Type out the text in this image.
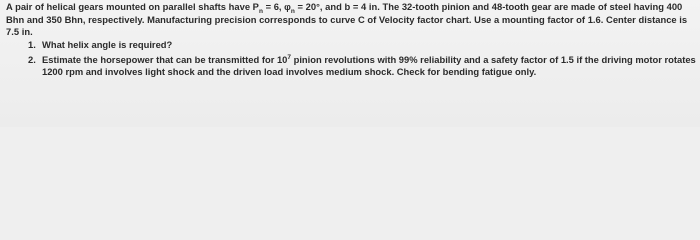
A pair of helical gears mounted on parallel shafts have $P_n = 6$, $\varphi_n = 20^\circ$, and b = 4 in. The 32-tooth pinion and 48-tooth gear are made of steel having 400 Bhn and 350 Bhn, respectively. Manufacturing precision corresponds to curve C of Velocity factor chart. Use a mounting factor of 1.6. Center distance is 7.5 in.
1. What helix angle is required?
2. Estimate the horsepower that can be transmitted for $10^7$ pinion revolutions with 99% reliability and a safety factor of 1.5 if the driving motor rotates 1200 rpm and involves light shock and the driven load involves medium shock. Check for bending fatigue only.
